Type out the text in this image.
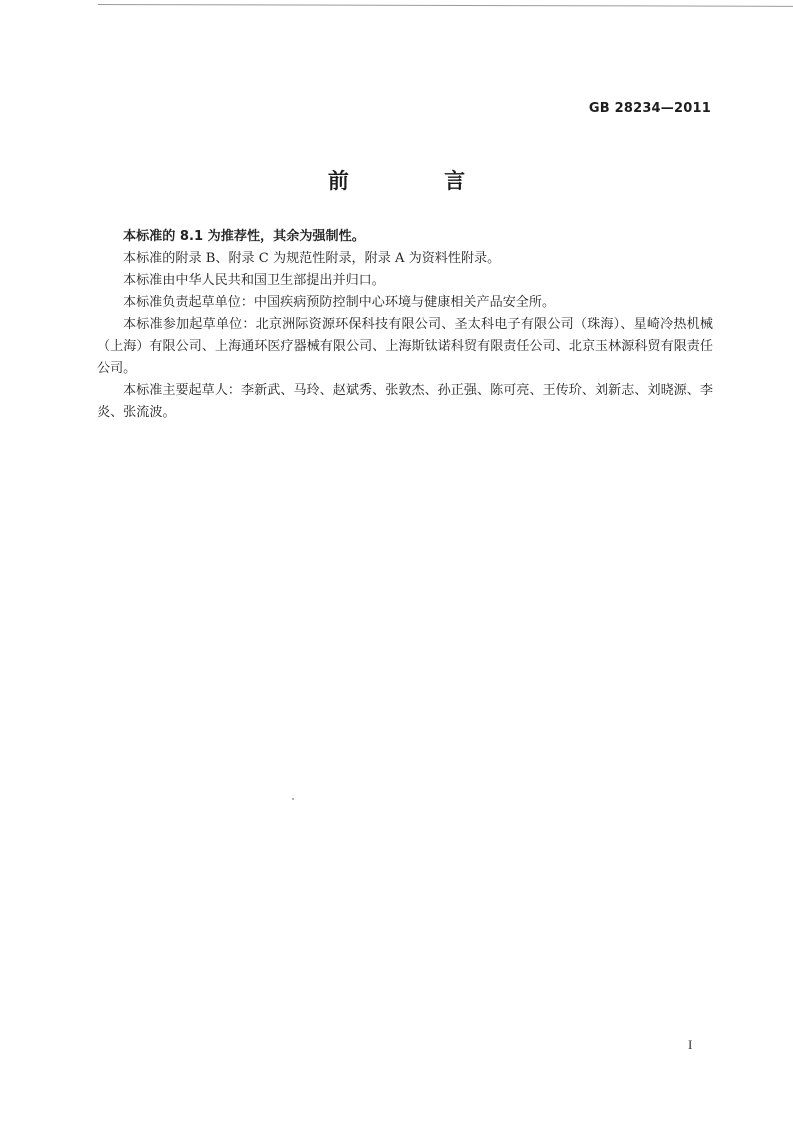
GB 28234—2011
前 言

本标准的 8.1 为推荐性，其余为强制性。

本标准的附录 B、附录 C 为规范性附录，附录 A 为资料性附录。

本标准由中华人民共和国卫生部提出并归口。

本标准负责起草单位：中国疾病预防控制中心环境与健康相关产品安全所。

本标准参加起草单位：北京洲际资源环保科技有限公司、圣太科电子有限公司（珠海）、星崎冷热机械（上海）有限公司、上海通环医疗器械有限公司、上海斯钛诺科贸有限责任公司、北京玉林源科贸有限责任公司。

本标准主要起草人：李新武、马玲、赵斌秀、张敦杰、孙正强、陈可亮、王传玠、刘新志、刘晓源、李炎、张流波。

I
